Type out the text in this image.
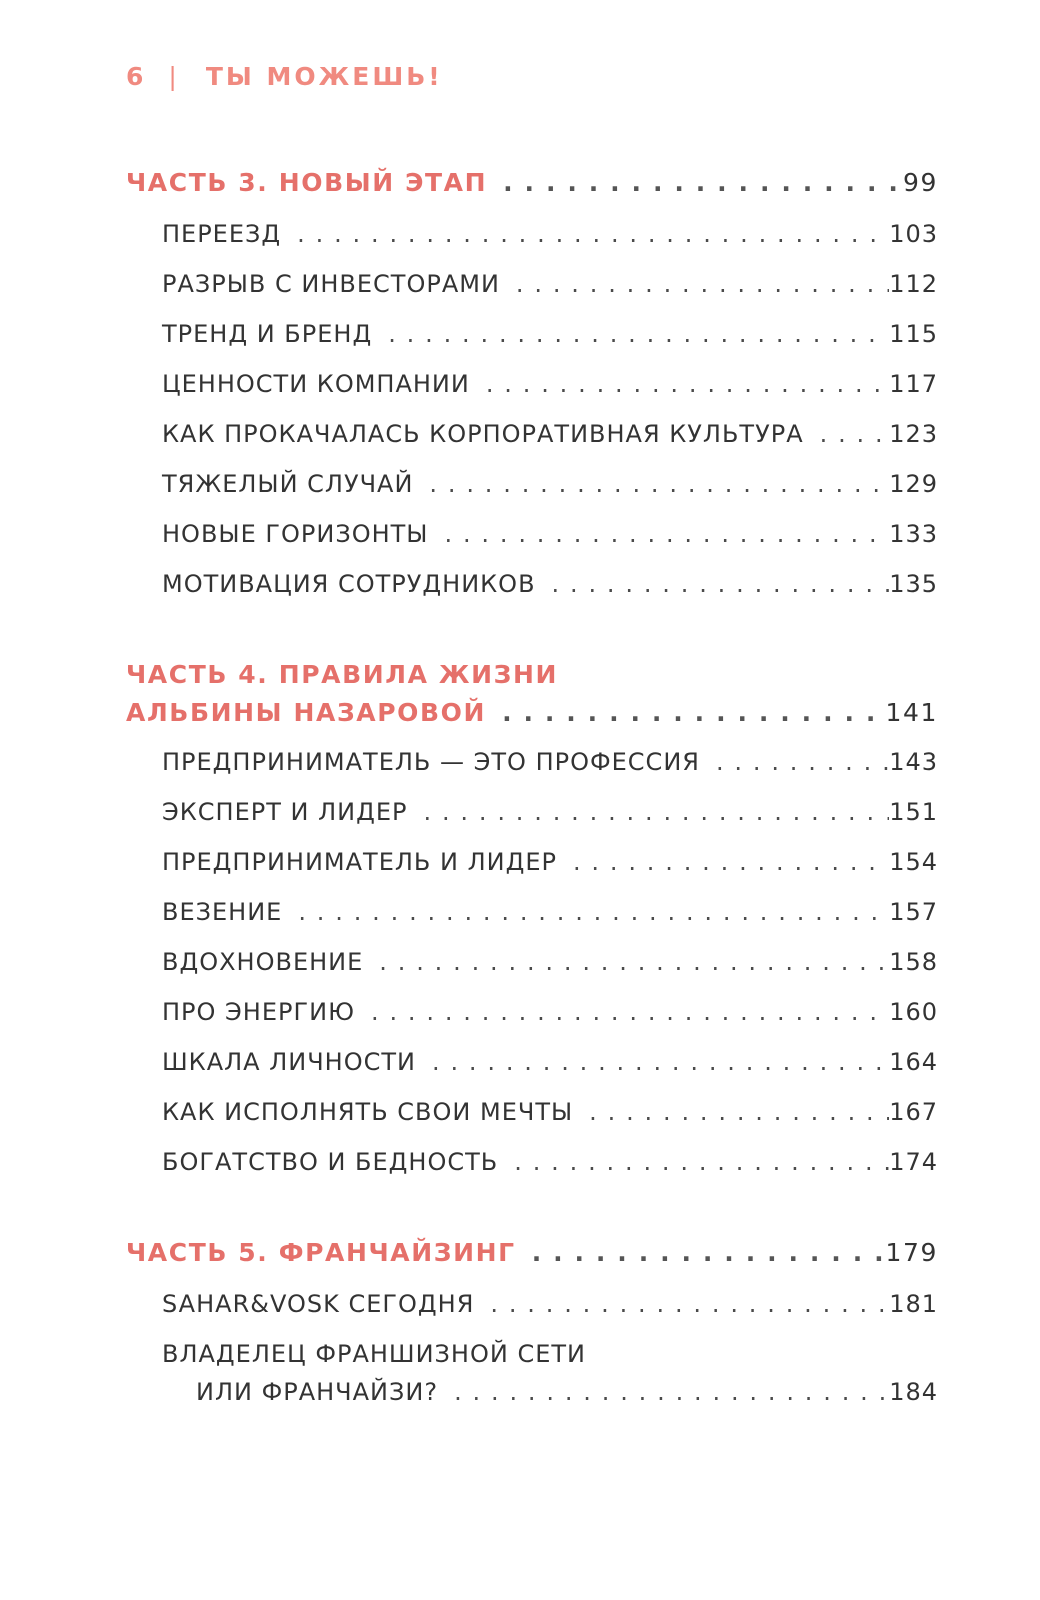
6 | ТЫ МОЖЕШЬ!
ЧАСТЬ 3. НОВЫЙ ЭТАП . . .	99
ПЕРЕЕЗД . . .	103
РАЗРЫВ С ИНВЕСТОРАМИ . . .	112
ТРЕНД И БРЕНД . . .	115
ЦЕННОСТИ КОМПАНИИ . . .	117
КАК ПРОКАЧАЛАСЬ КОРПОРАТИВНАЯ КУЛЬТУРА . . .	123
ТЯЖЕЛЫЙ СЛУЧАЙ . . .	129
НОВЫЕ ГОРИЗОНТЫ . . .	133
МОТИВАЦИЯ СОТРУДНИКОВ . . .	135
ЧАСТЬ 4. ПРАВИЛА ЖИЗНИ
АЛЬБИНЫ НАЗАРОВОЙ . . .	141
ПРЕДПРИНИМАТЕЛЬ — ЭТО ПРОФЕССИЯ . . .	143
ЭКСПЕРТ И ЛИДЕР . . .	151
ПРЕДПРИНИМАТЕЛЬ И ЛИДЕР . . .	154
ВЕЗЕНИЕ . . .	157
ВДОХНОВЕНИЕ . . .	158
ПРО ЭНЕРГИЮ . . .	160
ШКАЛА ЛИЧНОСТИ . . .	164
КАК ИСПОЛНЯТЬ СВОИ МЕЧТЫ . . .	167
БОГАТСТВО И БЕДНОСТЬ . . .	174
ЧАСТЬ 5. ФРАНЧАЙЗИНГ . . .	179
SAHAR&VOSK СЕГОДНЯ . . .	181
ВЛАДЕЛЕЦ ФРАНШИЗНОЙ СЕТИ
ИЛИ ФРАНЧАЙЗИ? . . .	184
